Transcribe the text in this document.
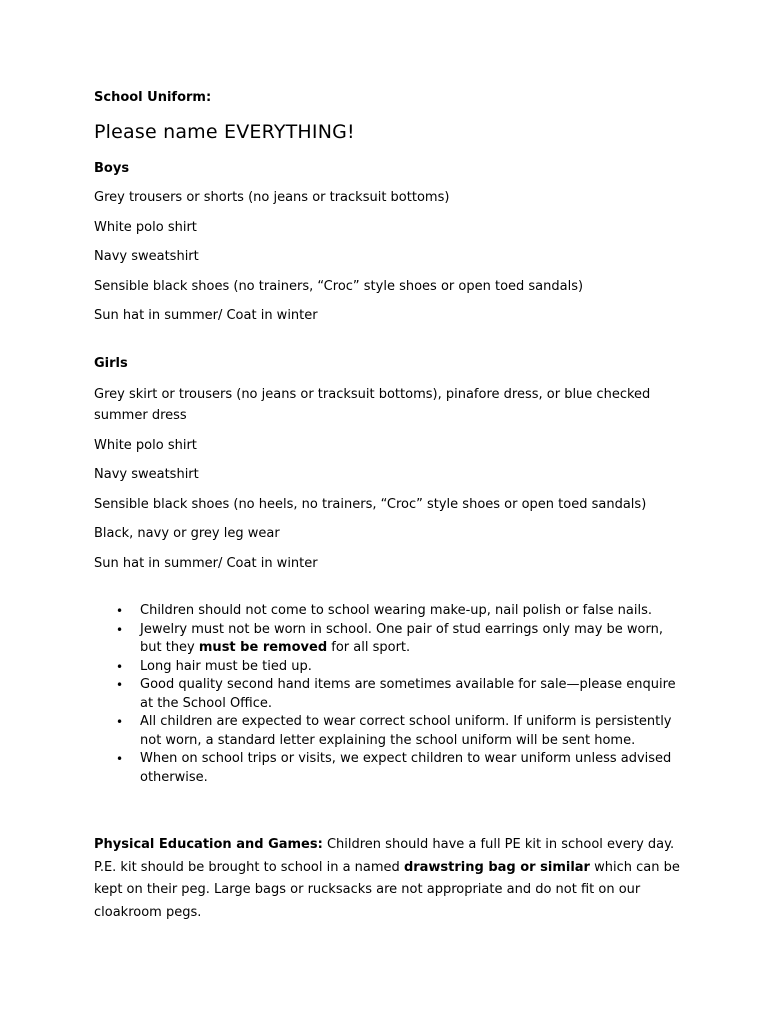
School Uniform:
Please name EVERYTHING!
Boys
Grey trousers or shorts (no jeans or tracksuit bottoms)
White polo shirt
Navy sweatshirt
Sensible black shoes (no trainers, “Croc” style shoes or open toed sandals)
Sun hat in summer/ Coat in winter
Girls
Grey skirt or trousers (no jeans or tracksuit bottoms), pinafore dress, or blue checked summer dress
White polo shirt
Navy sweatshirt
Sensible black shoes (no heels, no trainers, “Croc” style shoes or open toed sandals)
Black, navy or grey leg wear
Sun hat in summer/ Coat in winter
• Children should not come to school wearing make-up, nail polish or false nails.
• Jewelry must not be worn in school. One pair of stud earrings only may be worn, but they must be removed for all sport.
• Long hair must be tied up.
• Good quality second hand items are sometimes available for sale—please enquire at the School Office.
• All children are expected to wear correct school uniform. If uniform is persistently not worn, a standard letter explaining the school uniform will be sent home.
• When on school trips or visits, we expect children to wear uniform unless advised otherwise.
Physical Education and Games: Children should have a full PE kit in school every day. P.E. kit should be brought to school in a named drawstring bag or similar which can be kept on their peg. Large bags or rucksacks are not appropriate and do not fit on our cloakroom pegs.
